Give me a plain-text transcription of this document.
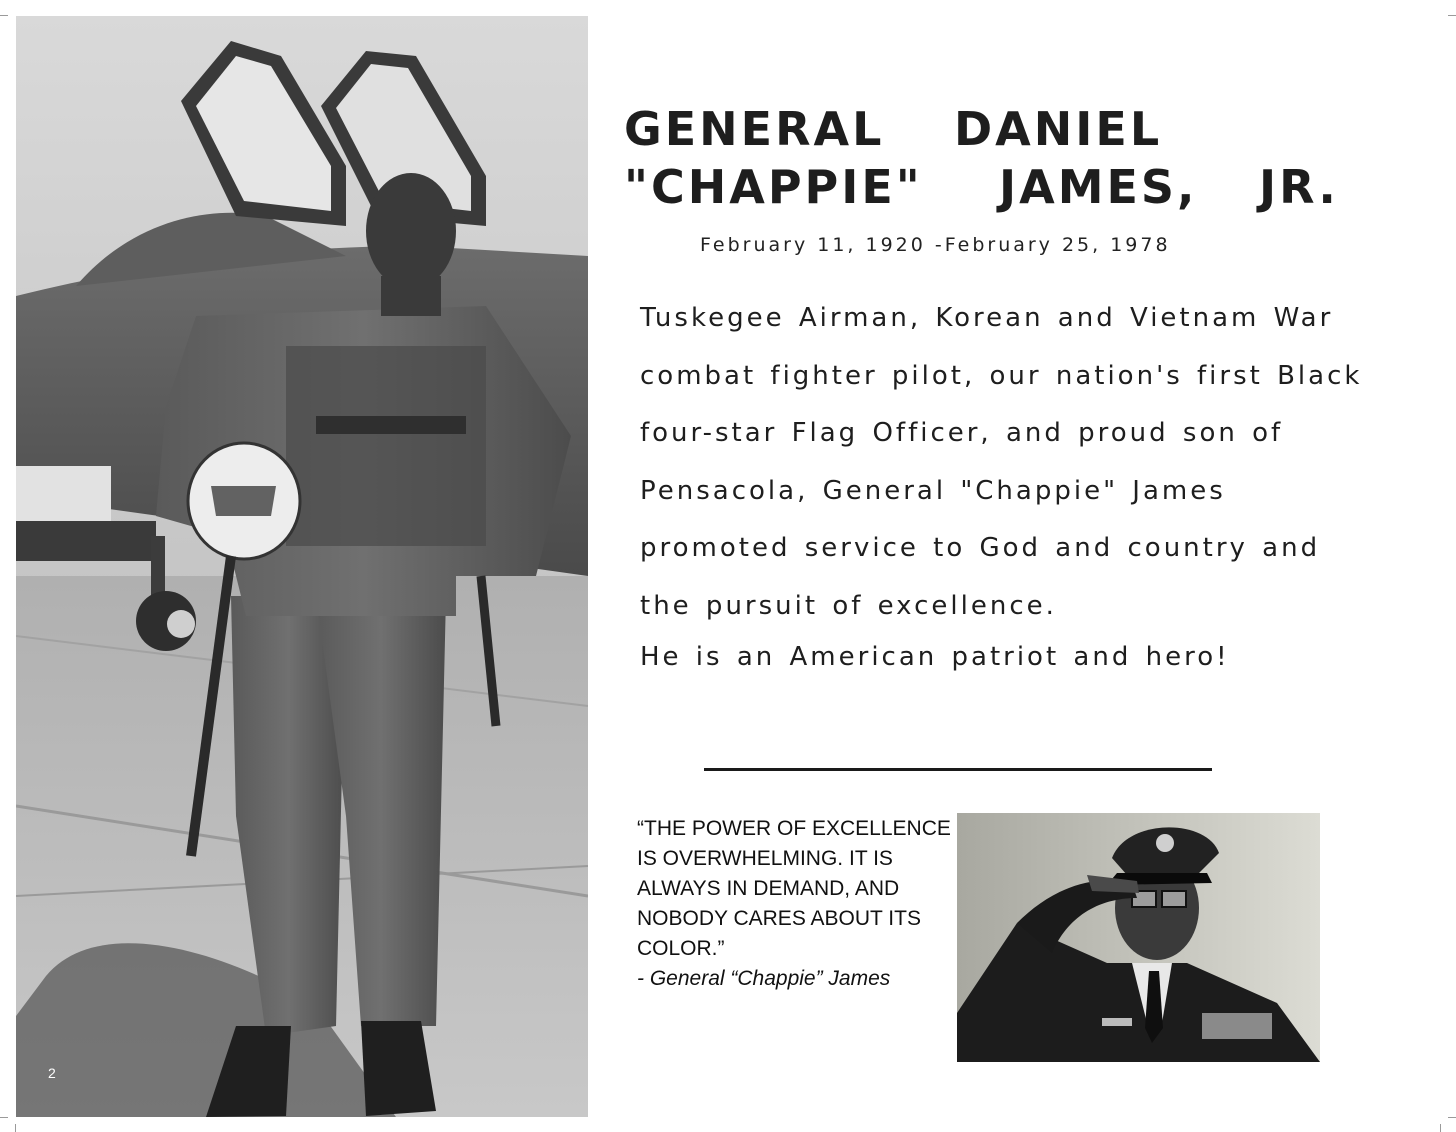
2
GENERAL	DANIEL
"CHAPPIE"	JAMES,	JR.
February 11, 1920 -February 25, 1978
Tuskegee Airman, Korean and Vietnam War
combat fighter pilot, our nation's first Black
four-star Flag Officer, and proud son of
Pensacola, General "Chappie" James
promoted service to God and country and
the pursuit of excellence.
He is an American patriot and hero!
“THE POWER OF EXCELLENCE
IS OVERWHELMING. IT IS
ALWAYS IN DEMAND, AND
NOBODY CARES ABOUT ITS
COLOR.”
- General “Chappie” James
